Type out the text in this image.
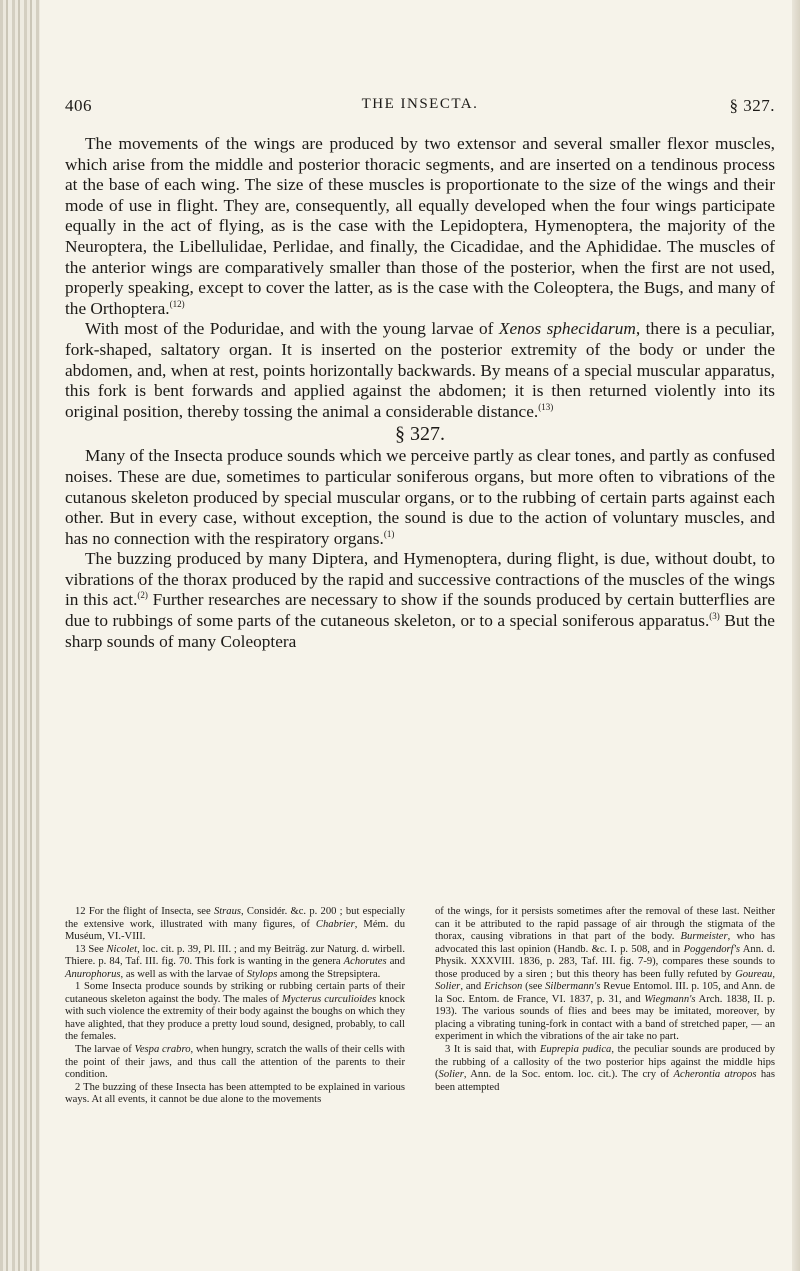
406	THE INSECTA.	§ 327.

The movements of the wings are produced by two extensor and several smaller flexor muscles, which arise from the middle and posterior thoracic segments, and are inserted on a tendinous process at the base of each wing. The size of these muscles is proportionate to the size of the wings and their mode of use in flight. They are, consequently, all equally developed when the four wings participate equally in the act of flying, as is the case with the Lepidoptera, Hymenoptera, the majority of the Neuroptera, the Libellulidae, Perlidae, and finally, the Cicadidae, and the Aphididae. The muscles of the anterior wings are comparatively smaller than those of the posterior, when the first are not used, properly speaking, except to cover the latter, as is the case with the Coleoptera, the Bugs, and many of the Orthoptera.$^{(12)}$

With most of the Poduridae, and with the young larvae of Xenos sphecidarum, there is a peculiar, fork-shaped, saltatory organ. It is inserted on the posterior extremity of the body or under the abdomen, and, when at rest, points horizontally backwards. By means of a special muscular apparatus, this fork is bent forwards and applied against the abdomen; it is then returned violently into its original position, thereby tossing the animal a considerable distance.$^{(13)}$

§ 327.

Many of the Insecta produce sounds which we perceive partly as clear tones, and partly as confused noises. These are due, sometimes to particular soniferous organs, but more often to vibrations of the cutanous skeleton produced by special muscular organs, or to the rubbing of certain parts against each other. But in every case, without exception, the sound is due to the action of voluntary muscles, and has no connection with the respiratory organs.$^{(1)}$

The buzzing produced by many Diptera, and Hymenoptera, during flight, is due, without doubt, to vibrations of the thorax produced by the rapid and successive contractions of the muscles of the wings in this act.$^{(2)}$ Further researches are necessary to show if the sounds produced by certain butterflies are due to rubbings of some parts of the cutaneous skeleton, or to a special soniferous apparatus.$^{(3)}$ But the sharp sounds of many Coleoptera

12 For the flight of Insecta, see Straus, Considér. &c. p. 200 ; but especially the extensive work, illustrated with many figures, of Chabrier, Mém. du Muséum, VI.-VIII.

13 See Nicolet, loc. cit. p. 39, Pl. III. ; and my Beiträg. zur Naturg. d. wirbell. Thiere. p. 84, Taf. III. fig. 70. This fork is wanting in the genera Achorutes and Anurophorus, as well as with the larvae of Stylops among the Strepsiptera.

1 Some Insecta produce sounds by striking or rubbing certain parts of their cutaneous skeleton against the body. The males of Mycterus curculioides knock with such violence the extremity of their body against the boughs on which they have alighted, that they produce a pretty loud sound, designed, probably, to call the females.

The larvae of Vespa crabro, when hungry, scratch the walls of their cells with the point of their jaws, and thus call the attention of the parents to their condition.

2 The buzzing of these Insecta has been attempted to be explained in various ways. At all events, it cannot be due alone to the movements

of the wings, for it persists sometimes after the removal of these last. Neither can it be attributed to the rapid passage of air through the stigmata of the thorax, causing vibrations in that part of the body. Burmeister, who has advocated this last opinion (Handb. &c. I. p. 508, and in Poggendorf's Ann. d. Physik. XXXVIII. 1836, p. 283, Taf. III. fig. 7-9), compares these sounds to those produced by a siren ; but this theory has been fully refuted by Goureau, Solier, and Erichson (see Silbermann's Revue Entomol. III. p. 105, and Ann. de la Soc. Entom. de France, VI. 1837, p. 31, and Wiegmann's Arch. 1838, II. p. 193). The various sounds of flies and bees may be imitated, moreover, by placing a vibrating tuning-fork in contact with a band of stretched paper, — an experiment in which the vibrations of the air take no part.

3 It is said that, with Euprepia pudica, the peculiar sounds are produced by the rubbing of a callosity of the two posterior hips against the middle hips (Solier, Ann. de la Soc. entom. loc. cit.). The cry of Acherontia atropos has been attempted
